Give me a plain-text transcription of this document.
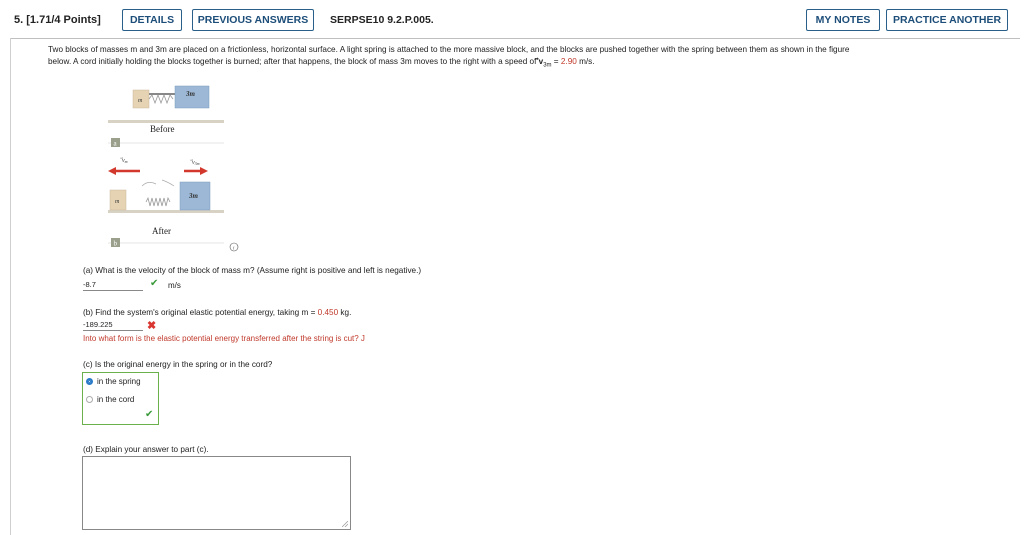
5. [1.71/4 Points]	DETAILS	PREVIOUS ANSWERS	SERPSE10 9.2.P.005.	MY NOTES	PRACTICE ANOTHER
Two blocks of masses m and 3m are placed on a frictionless, horizontal surface. A light spring is attached to the more massive block, and the blocks are pushed together with the spring between them as shown in the figure
below. A cord initially holding the blocks together is burned; after that happens, the block of mass 3m moves to the right with a speed of $v_{3m} = 2.90$ m/s.
m
3m
Before
a
vm	v3m
m
3m
After
b
i
(a) What is the velocity of the block of mass m? (Assume right is positive and left is negative.)
-8.7	✔ m/s
(b) Find the system's original elastic potential energy, taking m = 0.450 kg.
-189.225	✖
Into what form is the elastic potential energy transferred after the string is cut? J
(c) Is the original energy in the spring or in the cord?
in the spring
in the cord
✔
(d) Explain your answer to part (c).
